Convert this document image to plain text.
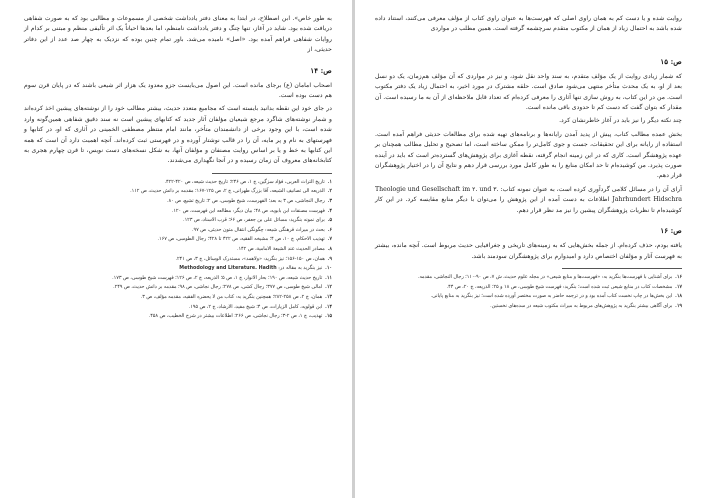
به طور خاص». ابن اصطلاح، در ابتدا به معنای دفتر یادداشت شخصی از مسموعات و مطالبی بود که به صورت شفاهی دریافت شده بود. شاید در آغاز، تنها چنگ و دفتر یادداشت نامنظم، اما بعدها احیاناً یک اثر تألیفی منظم و مبتنی بر کدام از روایات شفاهی فراهم آمده بود. «اصل» نامیده می‌شد. باور تمام چنین بوده که نزدیک به چهار صد عدد از این دفاتر حدیثی، از

ص: ۱۴

اصحاب امامان (ع) برجای مانده است. این اصول می‌بایست جزو معدود یک هزار اثر شیعی باشند که در پایان قرن سوم هم دست بوده است.

در جای خود این نقطه بدانید بایسته است که مجامیع متعدد حدیث، بیشتر مطالب خود را از نوشته‌های پیشین اخذ کرده‌اند و شمار نوشته‌های شاگرد مرجع شیعیان مؤلفان آثار جدید که کتابهای پیشین است نه سند دقیق شفاهی همین‌گونه وارد شده است، با این وجود برخی از دانشمندان متأخر، مانند امام منتظر مصطفی الخمینی در آثاری که او، در کتابها و فهرستهای به نام و پر مایه، آن را در قالب نوشتار آورده و در فهرستی ثبت کرده‌اند. آنچه اهمیت دارد آن است که همه این کتابها به خط و یا بر اساس روایت مصنفان و مؤلفان آنها، به شکل نسخه‌های دست نویس، تا قرن چهارم هجری به کتابخانه‌های معروف آن زمان رسیده و در آنجا نگهداری می‌شدند.

۱.تاریخ التراث العربی، فؤاد سزگین، ج ۱، ص ۲۴۶؛ تاریخ حدیث شیعه، ص ۴۲۰-۴۲۲.

۲.الذریعه الی تصانیف الشیعه، آقا بزرگ طهرانی، ج ۲، ص ۱۲۵-۱۶۷؛ مقدمه بر دانش حدیث، ص ۱۱۲.

۳.رجال النجاشی، ص ۳ به بعد؛ الفهرست، شیخ طوسی، ص ۲؛ تاریخ تشیع، ص ۸۰.

۴.فهرست مصنفات ابن بابویه، ص ۴۸؛ بیان دیگر: مطالعه این فهرست، ص ۱۲۰.

۵.برای نمونه بنگرید: مسائل علی بن جعفر، ص ۶۶؛ قرب الاسناد، ص ۱۲۳.

۶.بحث در میراث فرهنگی شیعه: چگونگی انتقال متون حدیثی، ص ۹۷.

۷.تهذیب الاحکام، ج ۱۰، ص ۴؛ مشیخه الفقیه، ص ۴۲۲ تا ۴۲۸؛ رجال الطوسی، ص ۱۶۷.

۸.مصادر الحدیث عند الشیعة الامامیة، ص ۱۴۲.

۹.همان، ص ۱۵۰-۱۵۶؛ نیز بنگرید: «ولاهمد»، مستدرک الوسائل، ج ۳، ص ۲۴۱.

۱۰.نیز بنگرید به مقاله در: Methodology and Literature. Hadith

۱۱.تاریخ حدیث شیعه، ص ۱۹۰؛ بحار الانوار، ج ۱، ص ۵؛ الذریعه، ج ۲، ص ۱۲۶؛ فهرست شیخ طوسی، ص ۱۷۳.

۱۲.امالی شیخ طوسی، ص ۳۷۷؛ رجال کشی، ص ۲۷۸؛ رجال نجاشی، ص ۹۸؛ مقدمه بر دانش حدیث، ص ۲۴۹.

۱۳.همان، ج ۲، ص ۲۵۸-۲۸۲؛ همچنین بنگرید به: کتاب من لا یحضره الفقیه، مقدمه مؤلف، ص ۳.

۱۴.ابن قولویه، کامل الزیارات، ص ۴؛ شیخ مفید، الارشاد، ج ۲، ص ۱۹۵.

۱۵.تهذیب، ج ۱، ص ۲-۳؛ رجال نجاشی، ص ۲۶۶؛ اطلاعات بیشتر در شرح الخطیب، ص ۴۵۸.

روایت شده و یا دست کم به همان راوی اصلی که فهرست‌ها به عنوان راوی کتاب از مؤلف معرفی می‌کنند، استناد داده شده باشد به احتمال زیاد از همان از مکتوب متقدم سرچشمه گرفته است. همین مطلب در مواردی

ص: ۱۵

که شمار زیادی روایت از یک مؤلف متقدم، به سند واحد نقل شود، و نیز در مواردی که آن مؤلف هم‌زمان، یک دو نسل بعد از او، به یک محدث متأخر منتهی می‌شود صادق است. حلقه مشترک در مورد اخیر، به احتمال زیاد یک دفتر مکتوب است. من در این کتاب، به روش سازی تنها آثاری را معرفی کرده‌ام که تعداد قابل ملاحظه‌ای از آن به ما رسیده است. آن مقدار که بتوان گفت که دست کم تا حدودی باقی مانده است.

چند نکته دیگر را نیز باید در آغاز خاطرنشان کرد.

بخش عمده مطالب کتاب، پیش از پدید آمدن رایانه‌ها و برنامه‌های تهیه شده برای مطالعات حدیثی فراهم آمده است. استفاده از رایانه برای این تحقیقات، جست و جوی کامل‌تر را ممکن ساخته است، اما تصحیح و تحلیل مطالب همچنان بر عهده پژوهشگر است. کاری که در این زمینه انجام گرفته، نقطه آغازی برای پژوهش‌های گسترده‌تر است که باید در آینده صورت پذیرد. من کوشیده‌ام تا حد امکان منابع را به طور کامل مورد بررسی قرار دهم و نتایج آن را در اختیار پژوهشگران قرار دهم.

آرای آن را در مسائل کلامی گردآوری کرده است، به عنوان نمونه کتاب: Theologie und Gesellschaft im ۲. und ۳. Jahrhundert Hidschra اطلاعات به دست آمده از این پژوهش را می‌توان با دیگر منابع مقایسه کرد. در این کار کوشیده‌ام تا نظریات پژوهشگران پیشین را نیز مد نظر قرار دهم.

ص: ۱۶

یافته بودم، حذف کرده‌ام. از جمله بخش‌هایی که به زمینه‌های تاریخی و جغرافیایی حدیث مربوط است. آنچه مانده، بیشتر به فهرست آثار و مؤلفان اختصاص دارد و امیدوارم برای پژوهشگران سودمند باشد.

۱۶.برای آشنایی با فهرست‌ها بنگرید به: «فهرست‌ها و منابع شیعی» در مجله علوم حدیث، ش ۷، ص ۹۰-۱۱۰؛ رجال النجاشی، مقدمه.

۱۷.مشخصات کتاب در منابع شیعی ثبت شده است؛ بنگرید: فهرست شیخ طوسی، ص ۱۸ و ۲۵؛ الذریعه، ج ۲۰، ص ۴۴.

۱۸.این بخش‌ها در چاپ نخست کتاب آمده بود و در ترجمه حاضر به صورت مختصر آورده شده است؛ نیز بنگرید به منابع پایانی.

۱۹.برای آگاهی بیشتر بنگرید به پژوهش‌های مربوط به میراث مکتوب شیعه در سده‌های نخستین.
